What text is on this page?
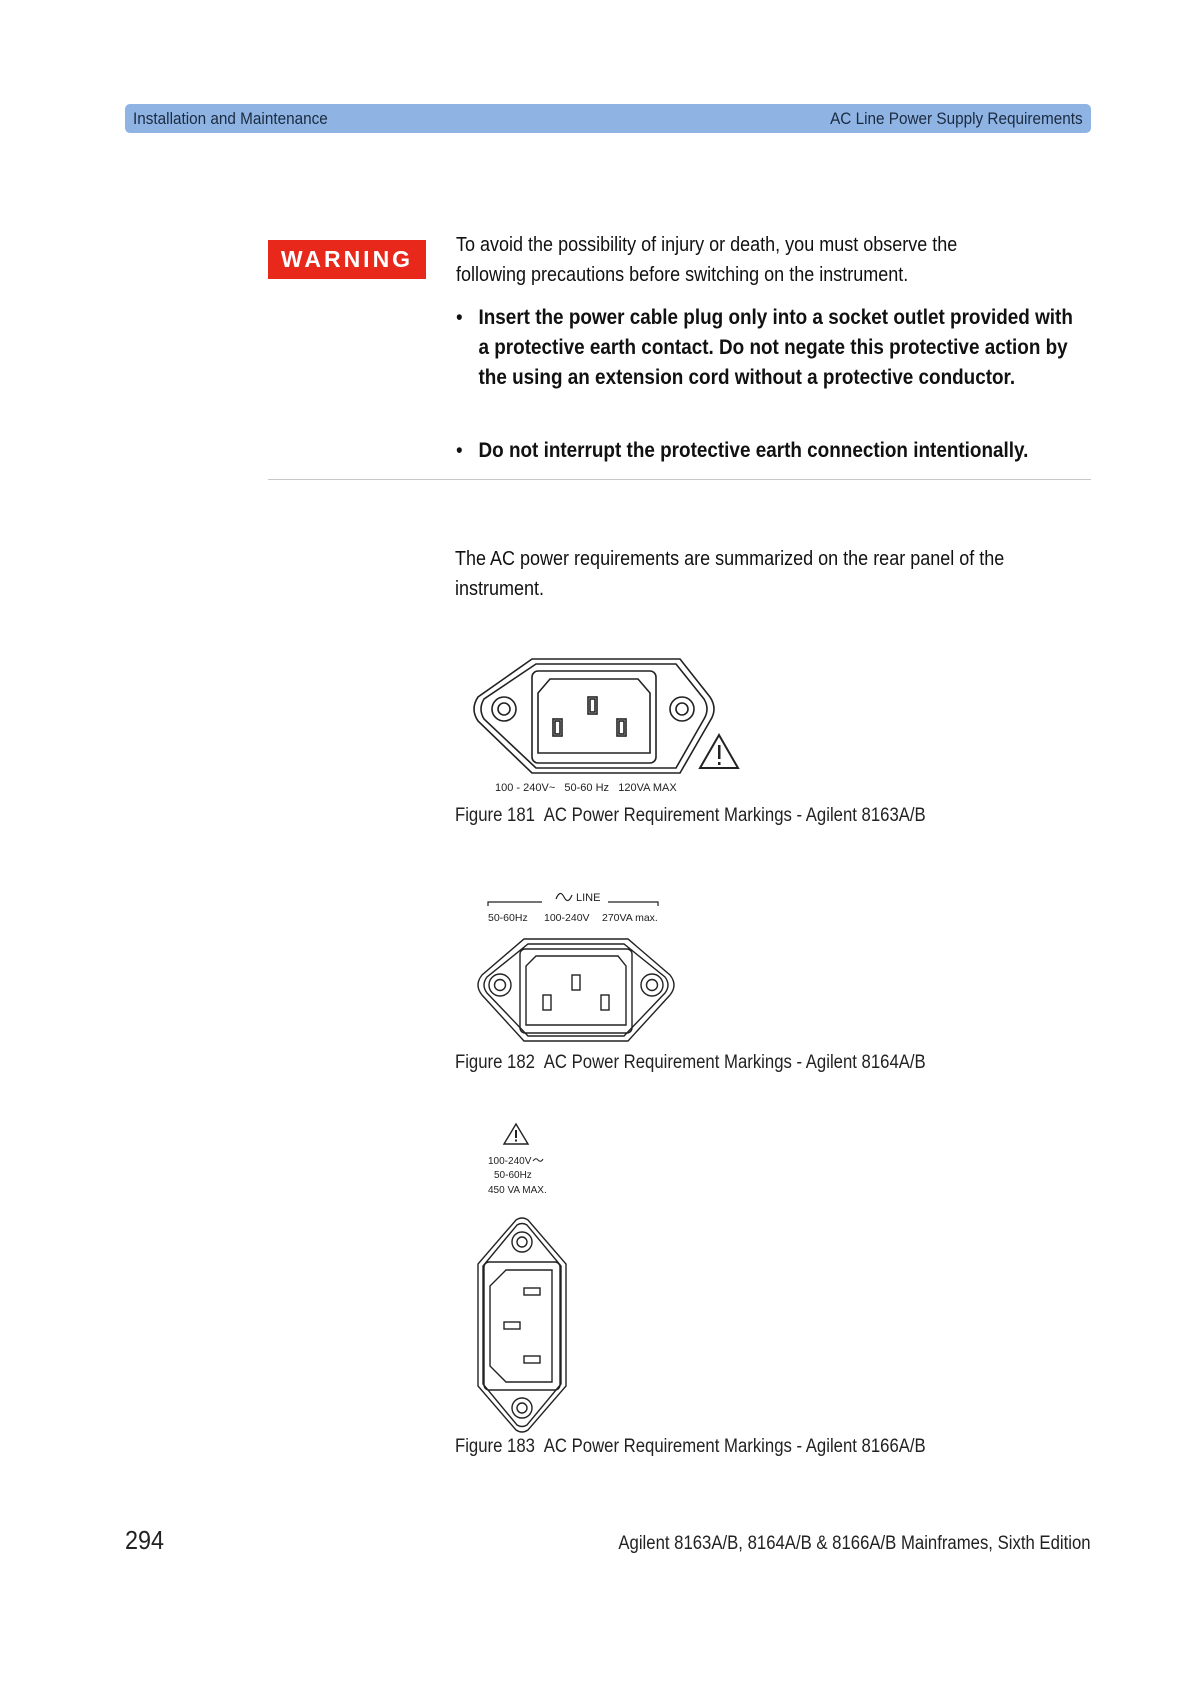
Installation and Maintenance	AC Line Power Supply Requirements
WARNING
To avoid the possibility of injury or death, you must observe the following precautions before switching on the instrument.
• Insert the power cable plug only into a socket outlet provided with a protective earth contact. Do not negate this protective action by the using an extension cord without a protective conductor.
• Do not interrupt the protective earth connection intentionally.
The AC power requirements are summarized on the rear panel of the instrument.
100 - 240V~   50-60 Hz   120VA MAX
Figure 181 AC Power Requirement Markings - Agilent 8163A/B
LINE
50-60Hz 100-240V 270VA max.
Figure 182 AC Power Requirement Markings - Agilent 8164A/B
100-240V
50-60Hz
450 VA MAX.
Figure 183 AC Power Requirement Markings - Agilent 8166A/B
294	Agilent 8163A/B, 8164A/B & 8166A/B Mainframes, Sixth Edition
